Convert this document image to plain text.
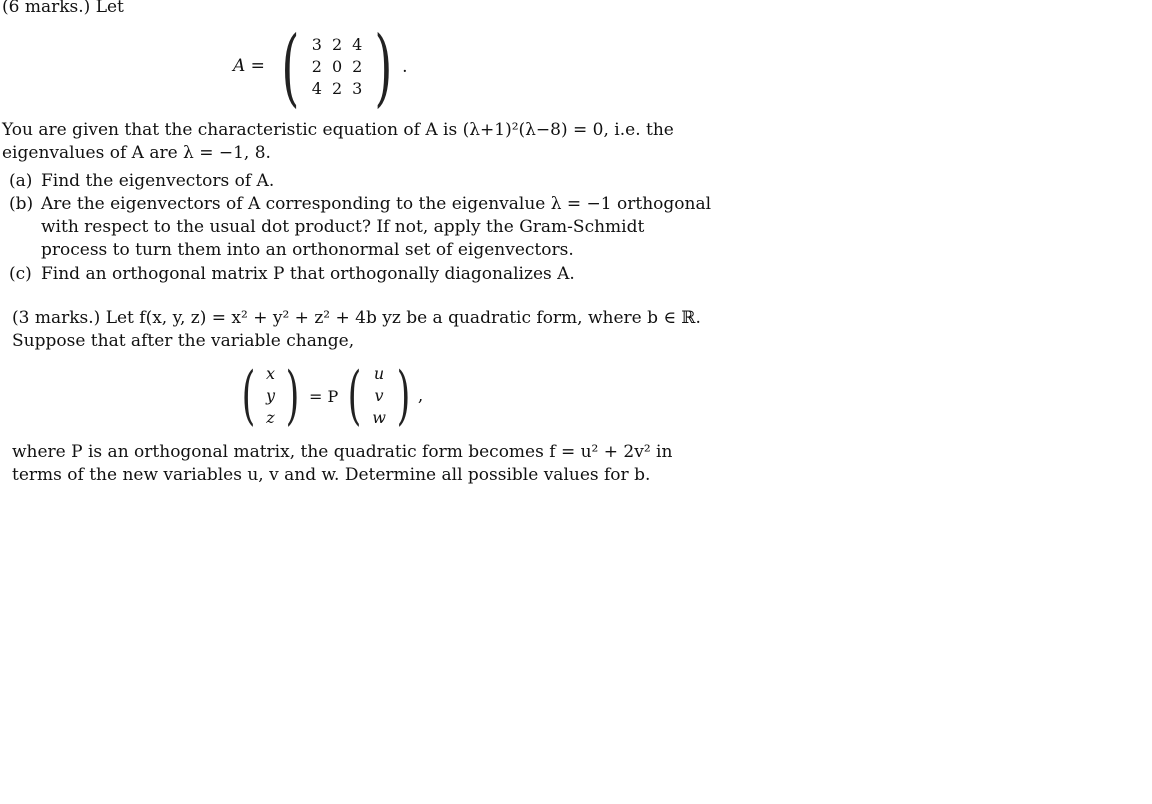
(6 marks.) Let
A = ( 3	2	4
2	0	2
4	2	3 ) .
You are given that the characteristic equation of A is (λ+1)²(λ−8) = 0, i.e. the
eigenvalues of A are λ = −1, 8.
(a) Find the eigenvectors of A.
(b) Are the eigenvectors of A corresponding to the eigenvalue λ = −1 orthogonal
with respect to the usual dot product? If not, apply the Gram-Schmidt
process to turn them into an orthonormal set of eigenvectors.
(c) Find an orthogonal matrix P that orthogonally diagonalizes A.
(3 marks.) Let f(x, y, z) = x² + y² + z² + 4b yz be a quadratic form, where b ∈ ℝ.
Suppose that after the variable change,
( x
y
z ) = P ( u
v
w ) ,
where P is an orthogonal matrix, the quadratic form becomes f = u² + 2v² in
terms of the new variables u, v and w. Determine all possible values for b.
